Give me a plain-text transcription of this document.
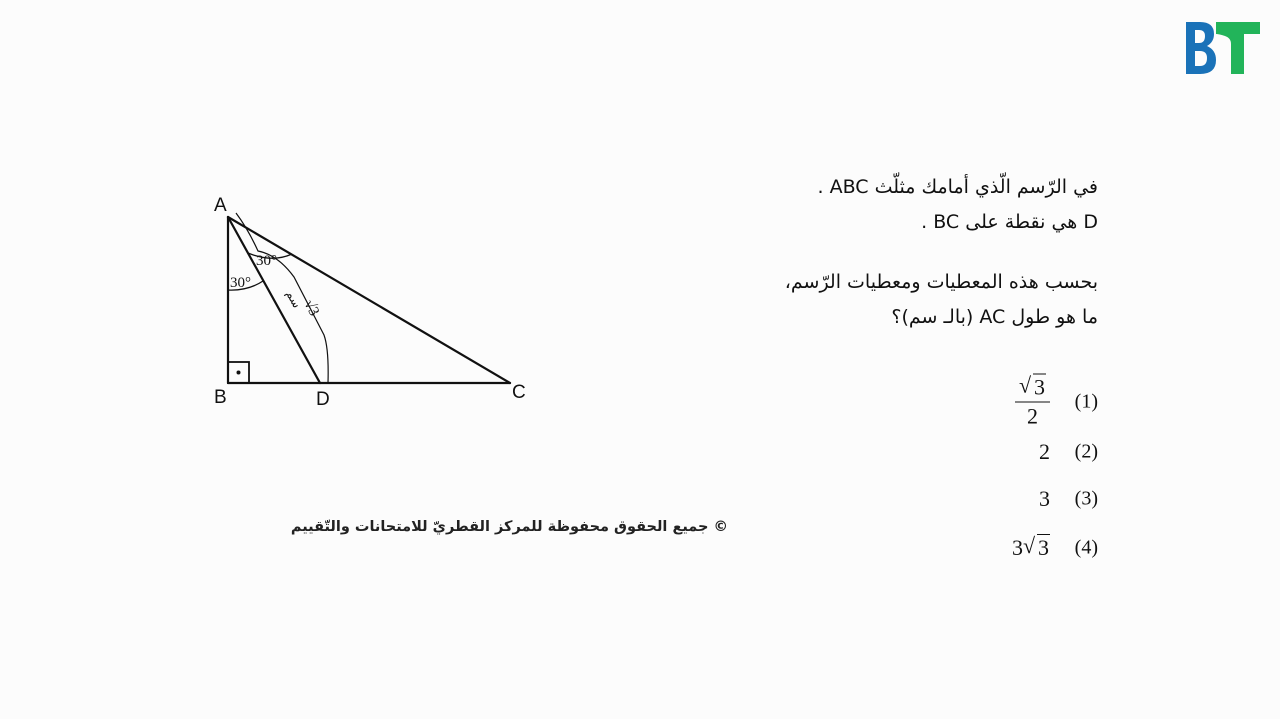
في الرّسم الّذي أمامك مثلّث ABC .

D هي نقطة على BC .

بحسب هذه المعطيات ومعطيات الرّسم،

ما هو طول AC (بالـ سم)؟

$\frac{√ 3}{2} (1)$
2 (2)
3 (3)
3 √ 3 (4)
A
B	D	C
30°
30°
سم
√3
© جميع الحقوق محفوظة للمركز القطريّ للامتحانات والتّقييم
